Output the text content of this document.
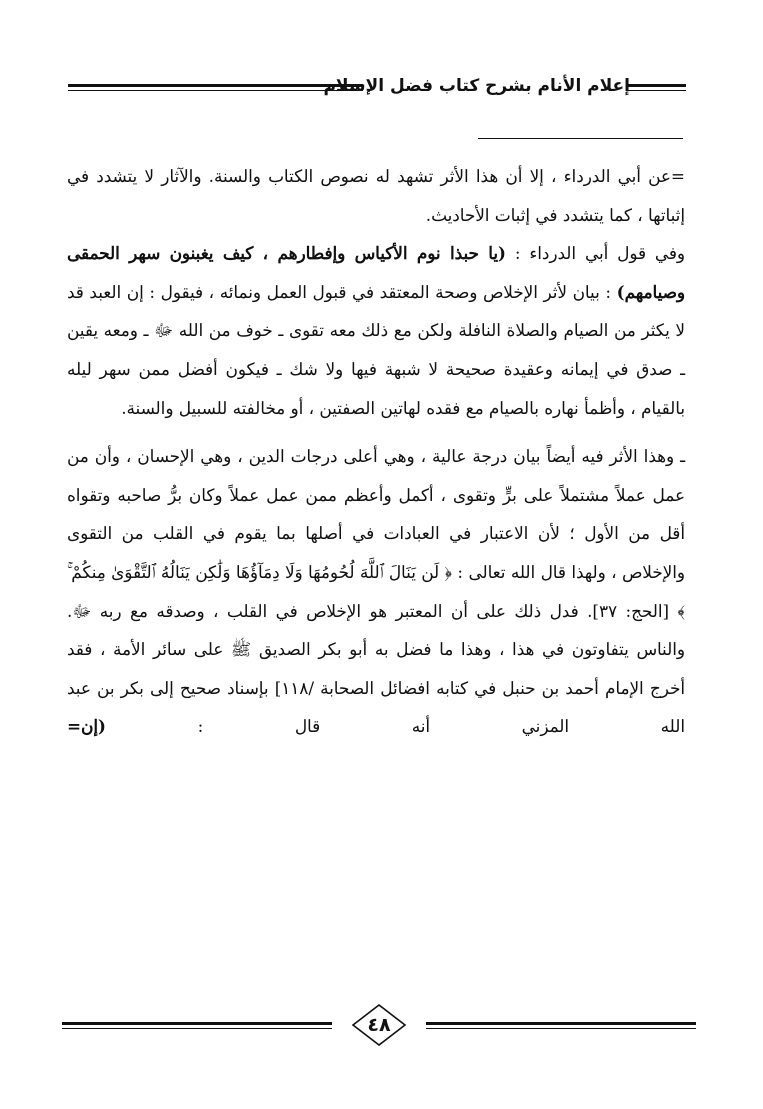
إعلام الأنام بشرح كتاب فضل الإسلام

=عن أبي الدرداء ، إلا أن هذا الأثر تشهد له نصوص الكتاب والسنة. والآثار لا يتشدد في إثباتها ، كما يتشدد في إثبات الأحاديث.

وفي قول أبي الدرداء : (يا حبذا نوم الأكياس وإفطارهم ، كيف يغبنون سهر الحمقى وصيامهم) : بيان لأثر الإخلاص وصحة المعتقد في قبول العمل ونمائه ، فيقول : إن العبد قد لا يكثر من الصيام والصلاة النافلة ولكن مع ذلك معه تقوى ـ خوف من الله ﷻ ـ ومعه يقين ـ صدق في إيمانه وعقيدة صحيحة لا شبهة فيها ولا شك ـ فيكون أفضل ممن سهر ليله بالقيام ، وأظمأ نهاره بالصيام مع فقده لهاتين الصفتين ، أو مخالفته للسبيل والسنة.

ـ وهذا الأثر فيه أيضاً بيان درجة عالية ، وهي أعلى درجات الدين ، وهي الإحسان ، وأن من عمل عملاً مشتملاً على برٍّ وتقوى ، أكمل وأعظم ممن عمل عملاً وكان برُّ صاحبه وتقواه أقل من الأول ؛ لأن الاعتبار في العبادات في أصلها بما يقوم في القلب من التقوى والإخلاص ، ولهذا قال الله تعالى : ﴿ لَن يَنَالَ ٱللَّهَ لُحُومُهَا وَلَا دِمَآؤُهَا وَلَٰكِن يَنَالُهُ ٱلتَّقْوَىٰ مِنكُمْ ۚ ﴾ [الحج: ٣٧]. فدل ذلك على أن المعتبر هو الإخلاص في القلب ، وصدقه مع ربه ﷻ. والناس يتفاوتون في هذا ، وهذا ما فضل به أبو بكر الصديق ﷺ على سائر الأمة ، فقد أخرج الإمام أحمد بن حنبل في كتابه افضائل الصحابة /١١٨] بإسناد صحيح إلى بكر بن عبد الله المزني أنه قال : (إن=

٤٨
